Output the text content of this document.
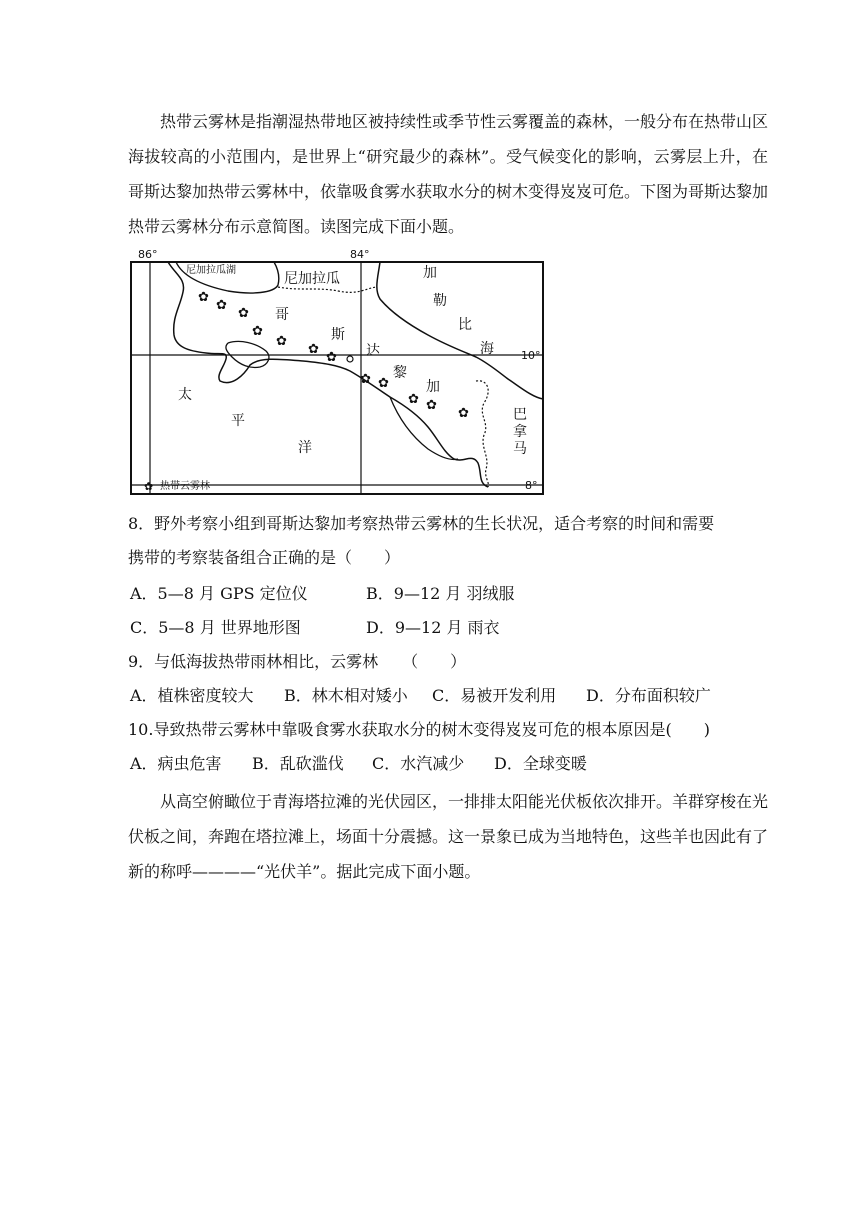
热带云雾林是指潮湿热带地区被持续性或季节性云雾覆盖的森林，一般分布在热带山区海拔较高的小范围内，是世界上“研究最少的森林”。受气候变化的影响，云雾层上升，在哥斯达黎加热带云雾林中，依靠吸食雾水获取水分的树木变得岌岌可危。下图为哥斯达黎加热带云雾林分布示意简图。读图完成下面小题。

86°	84°
10°
8°
尼加拉瓜湖
尼加拉瓜	加
勒
比
海
哥
斯
达
黎
加
太
平
洋
巴
拿
马
✿
✿
✿
✿
✿
✿
✿
✿ ✿
✿ ✿
✿
✿ 热带云雾林
8．野外考察小组到哥斯达黎加考察热带云雾林的生长状况，适合考察的时间和需要
携带的考察装备组合正确的是（　　）
A．5—8 月 GPS 定位仪	B．9—12 月 羽绒服
C．5—8 月 世界地形图	D．9—12 月 雨衣
9．与低海拔热带雨林相比，云雾林　　（　　）
A．植株密度较大 B．林木相对矮小 C．易被开发利用 D．分布面积较广
10.导致热带云雾林中靠吸食雾水获取水分的树木变得岌岌可危的根本原因是(　　)
A．病虫危害 B．乱砍滥伐 C．水汽减少 D．全球变暖

从高空俯瞰位于青海塔拉滩的光伏园区，一排排太阳能光伏板依次排开。羊群穿梭在光伏板之间，奔跑在塔拉滩上，场面十分震撼。这一景象已成为当地特色，这些羊也因此有了新的称呼————“光伏羊”。据此完成下面小题。
